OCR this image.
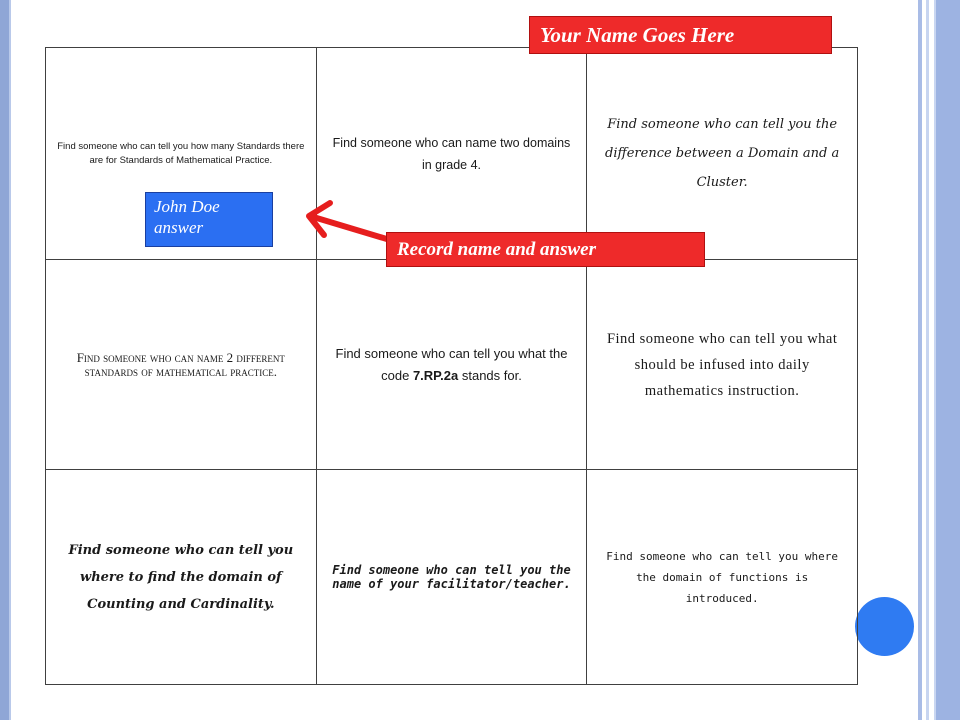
Find someone who can tell you how many Standards there are for Standards of Mathematical Practice.	Find someone who can name two domains in grade 4.	Find someone who can tell you the difference between a Domain and a Cluster.
Find someone who can name 2 different standards of mathematical practice.	Find someone who can tell you what the code 7.RP.2a stands for.	Find someone who can tell you what should be infused into daily mathematics instruction.
Find someone who can tell you where to find the domain of Counting and Cardinality.	Find someone who can tell you the name of your facilitator/teacher.	Find someone who can tell you where the domain of functions is introduced.
Your Name Goes Here
John Doe answer
Record name and answer
